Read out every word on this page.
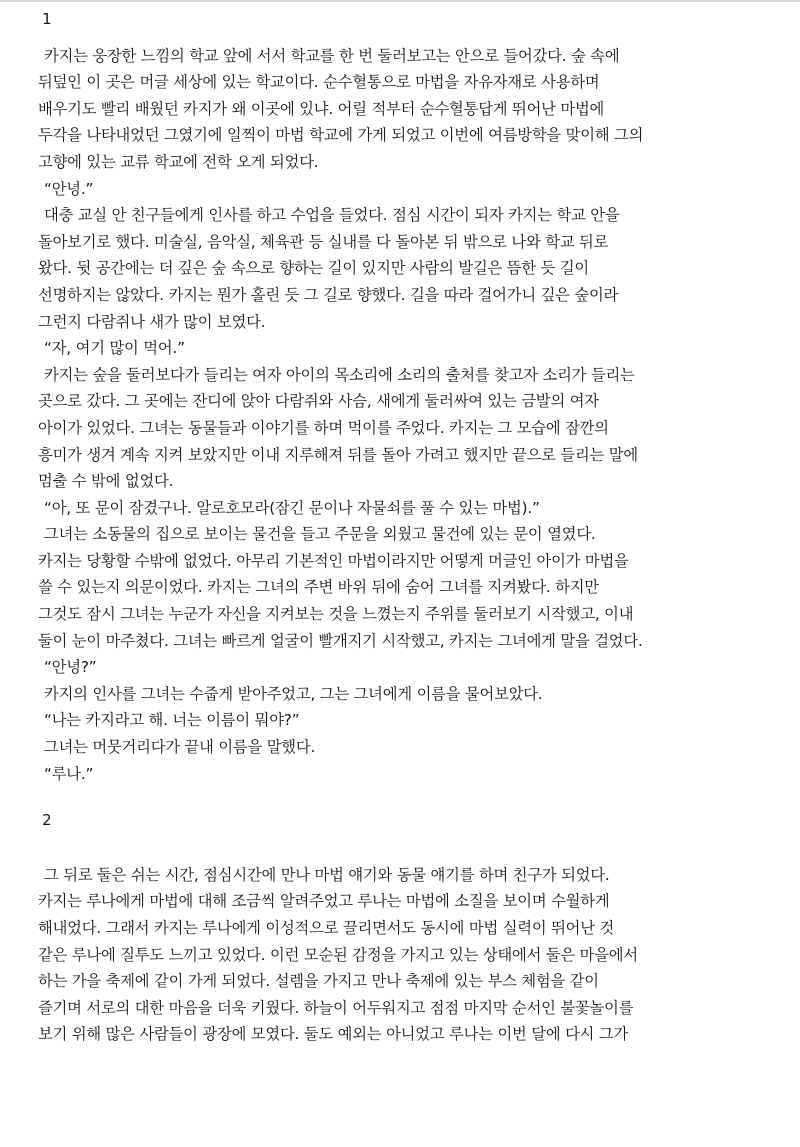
1
카지는 웅장한 느낌의 학교 앞에 서서 학교를 한 번 둘러보고는 안으로 들어갔다. 숲 속에
뒤덮인 이 곳은 머글 세상에 있는 학교이다. 순수혈통으로 마법을 자유자재로 사용하며
배우기도 빨리 배웠던 카지가 왜 이곳에 있냐. 어릴 적부터 순수혈통답게 뛰어난 마법에
두각을 나타내었던 그였기에 일찍이 마법 학교에 가게 되었고 이번에 여름방학을 맞이해 그의
고향에 있는 교류 학교에 전학 오게 되었다.
“안녕.”
대충 교실 안 친구들에게 인사를 하고 수업을 들었다. 점심 시간이 되자 카지는 학교 안을
돌아보기로 했다. 미술실, 음악실, 체육관 등 실내를 다 돌아본 뒤 밖으로 나와 학교 뒤로
왔다. 뒷 공간에는 더 깊은 숲 속으로 향하는 길이 있지만 사람의 발길은 뜸한 듯 길이
선명하지는 않았다. 카지는 뭔가 홀린 듯 그 길로 향했다. 길을 따라 걸어가니 깊은 숲이라
그런지 다람쥐나 새가 많이 보였다.
“자, 여기 많이 먹어.”
카지는 숲을 둘러보다가 들리는 여자 아이의 목소리에 소리의 출처를 찾고자 소리가 들리는
곳으로 갔다. 그 곳에는 잔디에 앉아 다람쥐와 사슴, 새에게 둘러싸여 있는 금발의 여자
아이가 있었다. 그녀는 동물들과 이야기를 하며 먹이를 주었다. 카지는 그 모습에 잠깐의
흥미가 생겨 계속 지켜 보았지만 이내 지루해져 뒤를 돌아 가려고 했지만 끝으로 들리는 말에
멈출 수 밖에 없었다.
“아, 또 문이 잠겼구나. 알로호모라(잠긴 문이나 자물쇠를 풀 수 있는 마법).”
그녀는 소동물의 집으로 보이는 물건을 들고 주문을 외웠고 물건에 있는 문이 열였다.
카지는 당황할 수밖에 없었다. 아무리 기본적인 마법이라지만 어떻게 머글인 아이가 마법을
쓸 수 있는지 의문이었다. 카지는 그녀의 주변 바위 뒤에 숨어 그녀를 지켜봤다. 하지만
그것도 잠시 그녀는 누군가 자신을 지켜보는 것을 느꼈는지 주위를 둘러보기 시작했고, 이내
둘이 눈이 마주쳤다. 그녀는 빠르게 얼굴이 빨개지기 시작했고, 카지는 그녀에게 말을 걸었다.
“안녕?”
카지의 인사를 그녀는 수줍게 받아주었고, 그는 그녀에게 이름을 물어보았다.
“나는 카지라고 해. 너는 이름이 뭐야?”
그녀는 머뭇거리다가 끝내 이름을 말했다.
“루나.”
2
그 뒤로 둘은 쉬는 시간, 점심시간에 만나 마법 얘기와 동물 얘기를 하며 친구가 되었다.
카지는 루나에게 마법에 대해 조금씩 알려주었고 루나는 마법에 소질을 보이며 수월하게
해내었다. 그래서 카지는 루나에게 이성적으로 끌리면서도 동시에 마법 실력이 뛰어난 것
같은 루나에 질투도 느끼고 있었다. 이런 모순된 감정을 가지고 있는 상태에서 둘은 마을에서
하는 가을 축제에 같이 가게 되었다. 설렘을 가지고 만나 축제에 있는 부스 체험을 같이
즐기며 서로의 대한 마음을 더욱 키웠다. 하늘이 어두워지고 점점 마지막 순서인 불꽃놀이를
보기 위해 많은 사람들이 광장에 모였다. 둘도 예외는 아니었고 루나는 이번 달에 다시 그가
